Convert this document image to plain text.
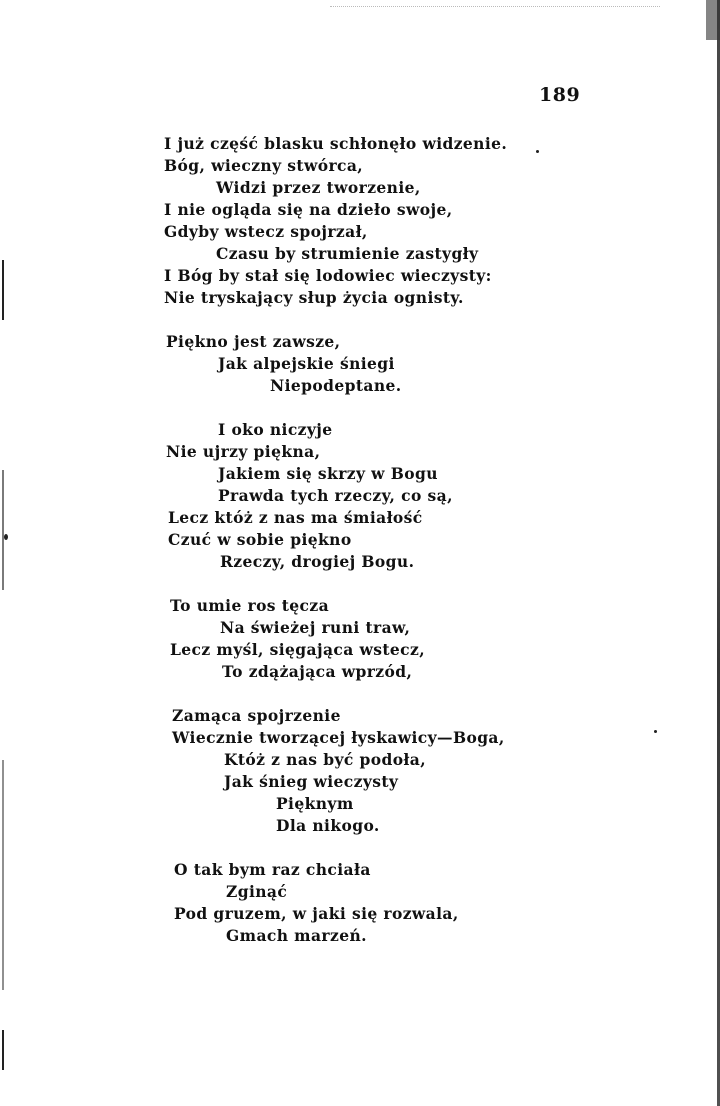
189
I już część blasku schłonęło widzenie.
Bóg, wieczny stwórca,
Widzi przez tworzenie,
I nie ogląda się na dzieło swoje,
Gdyby wstecz spojrzał,
Czasu by strumienie zastygły
I Bóg by stał się lodowiec wieczysty:
Nie tryskający słup życia ognisty.
Piękno jest zawsze,
Jak alpejskie śniegi
Niepodeptane.
I oko niczyje
Nie ujrzy piękna,
Jakiem się skrzy w Bogu
Prawda tych rzeczy, co są,
Lecz któż z nas ma śmiałość
Czuć w sobie piękno
Rzeczy, drogiej Bogu.
To umie ros tęcza
Na świeżej runi traw,
Lecz myśl, sięgająca wstecz,
To zdążająca wprzód,
Zamąca spojrzenie
Wiecznie tworzącej łyskawicy—Boga,
Któż z nas być podoła,
Jak śnieg wieczysty
Pięknym
Dla nikogo.
O tak bym raz chciała
Zginąć
Pod gruzem, w jaki się rozwala,
Gmach marzeń.
